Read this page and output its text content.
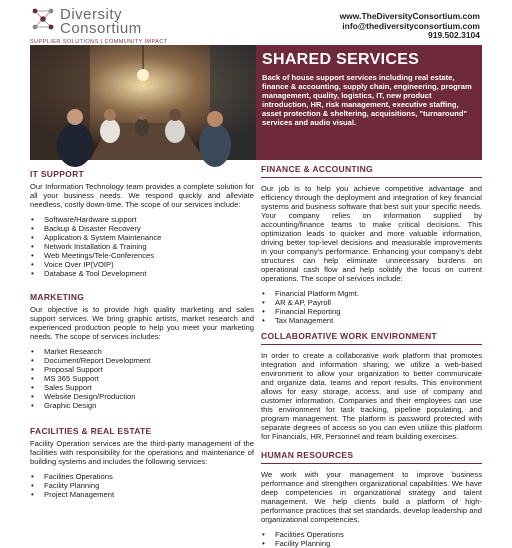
Diversity
Consortium
SUPPLIER SOLUTIONS | COMMUNITY IMPACT
www.TheDiversityConsortium.com
info@thediversityconsortium.com
919.502.3104
SHARED SERVICES
Back of house support services including real estate, finance & accounting, supply chain, engineering, program management, quality, logistics, IT, new product introduction, HR, risk management, executive staffing, asset protection & sheltering, acquisitions, "turnaround" services and audio visual.
IT SUPPORT
Our Information Technology team provides a complete solution for all your business needs. We respond quickly and alleviate needless, costly down-time. The scope of our services include:
• Software/Hardware support
• Backup & Disaster Recovery
• Application & System Maintenance
• Network Installation & Training
• Web Meetings/Tele-Conferences
• Voice Over IP(VOIP)
• Database & Tool Development
MARKETING
Our objective is to provide high quality marketing and sales support services. We bring graphic artists, market research and experienced production people to help you meet your marketing needs. The scope of services includes:
• Market Research
• Document/Report Development
• Proposal Support
• MS 365 Support
• Sales Support
• Website Design/Production
• Graphic Design
FACILITIES & REAL ESTATE
Facility Operation services are the third-party management of the facilities with responsibility for the operations and maintenance of building systems and includes the following services:
• Facilities Operations
• Facility Planning
• Project Management
FINANCE & ACCOUNTING
Our job is to help you achieve competitive advantage and efficiency through the deployment and integration of key financial systems and business software that best suit your specific needs. Your company relies on information supplied by accounting/finance teams to make critical decisions. This optimization leads to quicker and more valuable information, driving better top-level decisions and measurable improvements in your company's performance. Enhancing your company's debt structures can help eliminate unnecessary burdens on operational cash flow and help solidify the focus on current operations. The scope of services include:
• Financial Platform Mgmt.
• AR & AP, Payroll
• Financial Reporting
• Tax Management
COLLABORATIVE WORK ENVIRONMENT
In order to create a collaborative work platform that promotes integration and information sharing, we utilize a web-based environment to allow your organization to better communicate and organize data, teams and report results. This environment allows for easy storage, access, and use of company and customer information. Companies and their employees can use this environment for task tracking, pipeline populating, and program management. The platform is password protected with separate degrees of access so you can even utilize this platform for Financials, HR, Personnel and team building exercises.
HUMAN RESOURCES
We work with your management to improve business performance and strengthen organizational capabilities. We have deep competencies in organizational strategy and talent management. We help clients build a platform of high-performance practices that set standards, develop leadership and organizational competencies,
• Facilities Operations
• Facility Planning
